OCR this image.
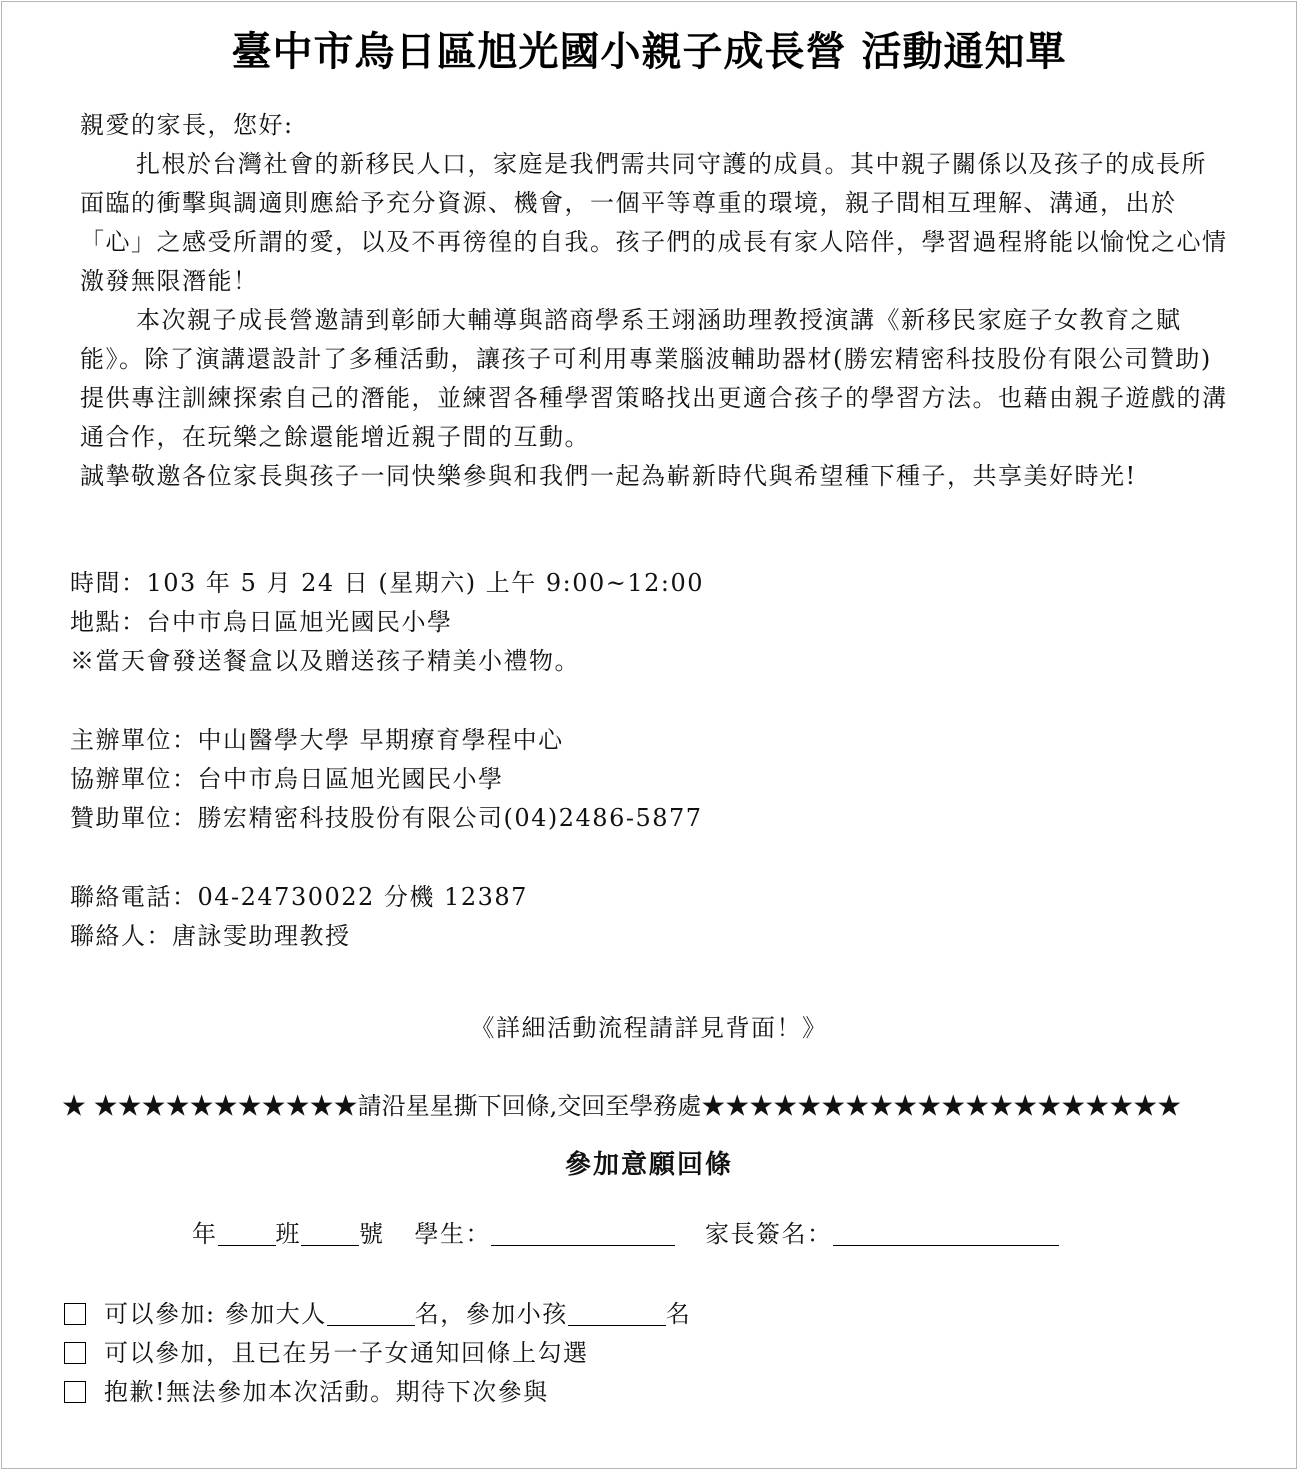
臺中市烏日區旭光國小親子成長營 活動通知單

親愛的家長，您好:

扎根於台灣社會的新移民人口，家庭是我們需共同守護的成員。其中親子關係以及孩子的成長所面臨的衝擊與調適則應給予充分資源、機會，一個平等尊重的環境，親子間相互理解、溝通，出於「心」之感受所謂的愛，以及不再徬徨的自我。孩子們的成長有家人陪伴，學習過程將能以愉悅之心情激發無限潛能！

本次親子成長營邀請到彰師大輔導與諮商學系王翊涵助理教授演講《新移民家庭子女教育之賦能》。除了演講還設計了多種活動，讓孩子可利用專業腦波輔助器材(勝宏精密科技股份有限公司贊助)提供專注訓練探索自己的潛能，並練習各種學習策略找出更適合孩子的學習方法。也藉由親子遊戲的溝通合作，在玩樂之餘還能增近親子間的互動。

誠摯敬邀各位家長與孩子一同快樂參與和我們一起為嶄新時代與希望種下種子，共享美好時光!

時間：103 年 5 月 24 日 (星期六) 上午 9:00~12:00
地點：台中市烏日區旭光國民小學
※當天會發送餐盒以及贈送孩子精美小禮物。
主辦單位：中山醫學大學 早期療育學程中心
協辦單位：台中市烏日區旭光國民小學
贊助單位：勝宏精密科技股份有限公司(04)2486-5877
聯絡電話：04-24730022 分機 12387
聯絡人：唐詠雯助理教授
《詳細活動流程請詳見背面！》
★ ★★★★★★★★★★★請沿星星撕下回條,交回至學務處★★★★★★★★★★★★★★★★★★★★
參加意願回條
年 班 號 學生：	家長簽名：
可以參加: 參加大人	名，參加小孩	名
可以參加，且已在另一子女通知回條上勾選
抱歉!無法參加本次活動。期待下次參與
